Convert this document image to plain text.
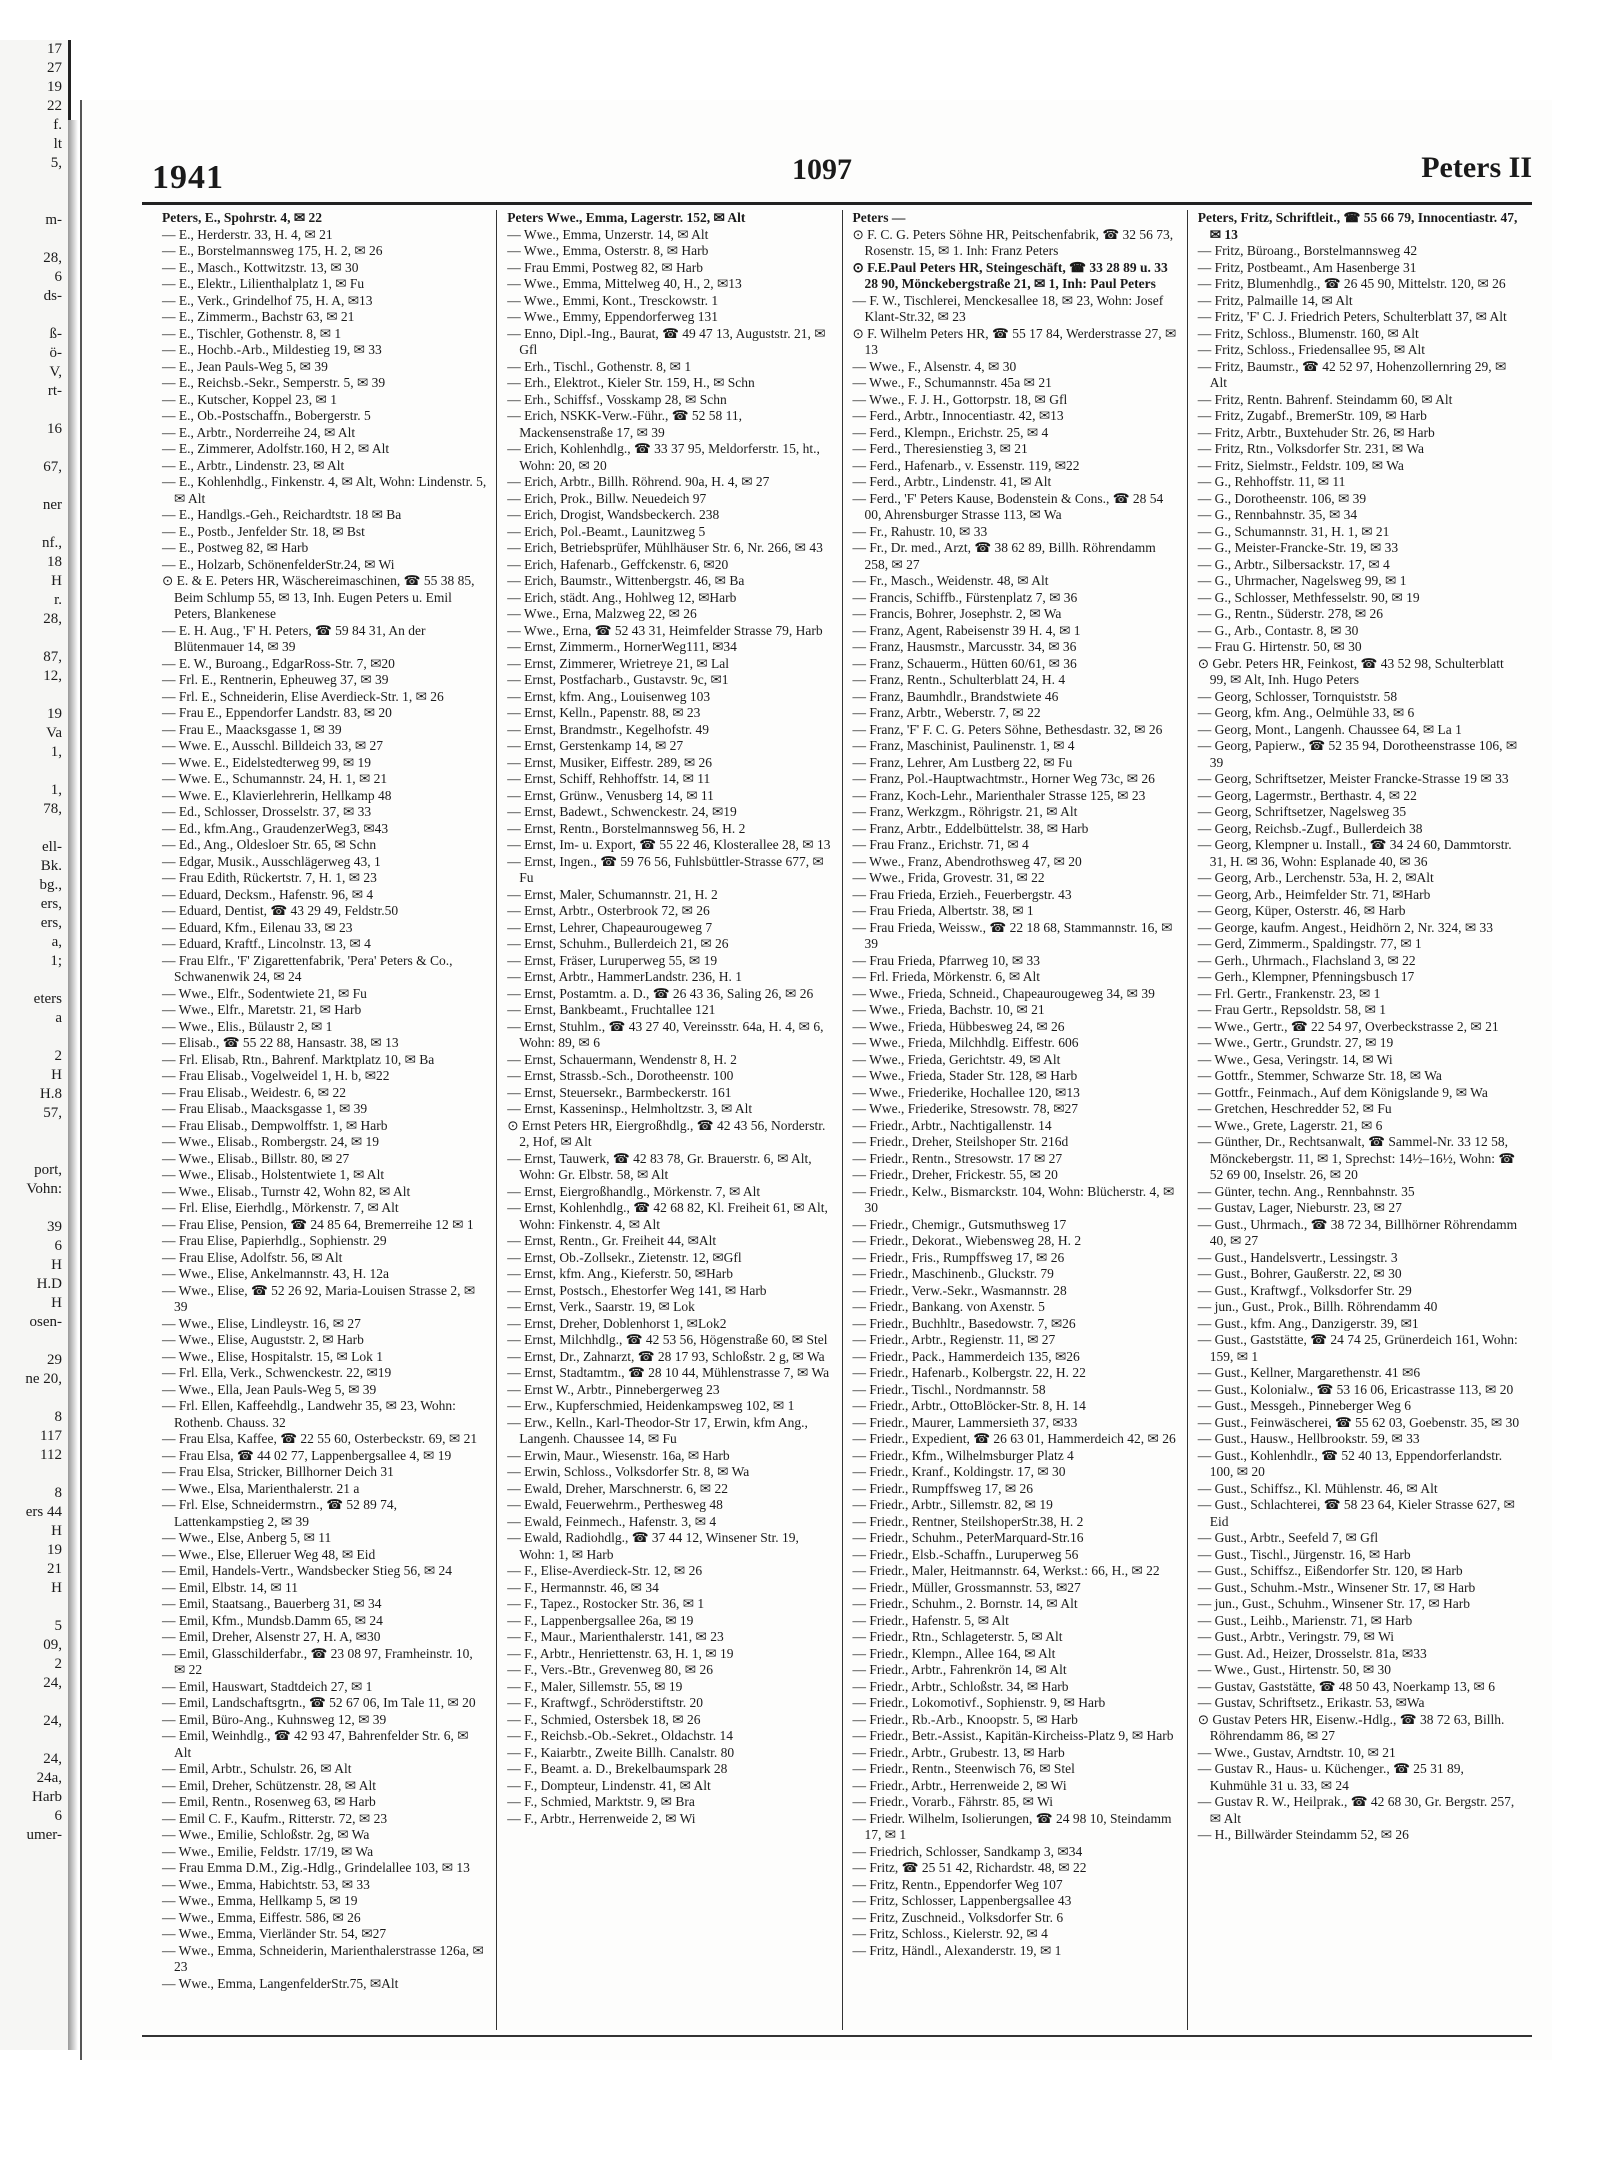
17
27
19
22
f.
lt
5,

m-

28,
6
ds-

ß-
ö-
V,
rt-

16

67,

ner

nf.,
18
H
r.
28,

87,
12,

19
Va
1,

1,
78,

ell-
Bk.
bg.,
ers,
ers,
a,
1;

eters
a

2
H
H.8
57,

port,
Vohn:

39
6
H
H.D
H
osen-

29
ne 20,

8
117
112

8
ers 44
H
19
21
H

5
09,
2
24,

24,

24,
24a,
Harb
6
umer-
1941	1097	Peters II

Peters, E., Spohrstr. 4, ✉ 22

— E., Herderstr. 33, H. 4, ✉ 21

— E., Borstelmannsweg 175, H. 2, ✉ 26

— E., Masch., Kottwitzstr. 13, ✉ 30

— E., Elektr., Lilienthalplatz 1, ✉ Fu

— E., Verk., Grindelhof 75, H. A, ✉13

— E., Zimmerm., Bachstr 63, ✉ 21

— E., Tischler, Gothenstr. 8, ✉ 1

— E., Hochb.-Arb., Mildestieg 19, ✉ 33

— E., Jean Pauls-Weg 5, ✉ 39

— E., Reichsb.-Sekr., Semperstr. 5, ✉ 39

— E., Kutscher, Koppel 23, ✉ 1

— E., Ob.-Postschaffn., Bobergerstr. 5

— E., Arbtr., Norderreihe 24, ✉ Alt

— E., Zimmerer, Adolfstr.160, H 2, ✉ Alt

— E., Arbtr., Lindenstr. 23, ✉ Alt

— E., Kohlenhdlg., Finkenstr. 4, ✉ Alt, Wohn: Lindenstr. 5, ✉ Alt

— E., Handlgs.-Geh., Reichardtstr. 18 ✉ Ba

— E., Postb., Jenfelder Str. 18, ✉ Bst

— E., Postweg 82, ✉ Harb

— E., Holzarb, SchönenfelderStr.24, ✉ Wi

⊙ E. & E. Peters HR, Wäschereimaschinen, ☎ 55 38 85, Beim Schlump 55, ✉ 13, Inh. Eugen Peters u. Emil Peters, Blankenese

— E. H. Aug., 'F' H. Peters, ☎ 59 84 31, An der Blütenmauer 14, ✉ 39

— E. W., Buroang., EdgarRoss-Str. 7, ✉20

— Frl. E., Rentnerin, Epheuweg 37, ✉ 39

— Frl. E., Schneiderin, Elise Averdieck-Str. 1, ✉ 26

— Frau E., Eppendorfer Landstr. 83, ✉ 20

— Frau E., Maacksgasse 1, ✉ 39

— Wwe. E., Ausschl. Billdeich 33, ✉ 27

— Wwe. E., Eidelstedterweg 99, ✉ 19

— Wwe. E., Schumannstr. 24, H. 1, ✉ 21

— Wwe. E., Klavierlehrerin, Hellkamp 48

— Ed., Schlosser, Drosselstr. 37, ✉ 33

— Ed., kfm.Ang., GraudenzerWeg3, ✉43

— Ed., Ang., Oldesloer Str. 65, ✉ Schn

— Edgar, Musik., Ausschlägerweg 43, 1

— Frau Edith, Rückertstr. 7, H. 1, ✉ 23

— Eduard, Decksm., Hafenstr. 96, ✉ 4

— Eduard, Dentist, ☎ 43 29 49, Feldstr.50

— Eduard, Kfm., Eilenau 33, ✉ 23

— Eduard, Kraftf., Lincolnstr. 13, ✉ 4

— Frau Elfr., 'F' Zigarettenfabrik, 'Pera' Peters & Co., Schwanenwik 24, ✉ 24

— Wwe., Elfr., Sodentwiete 21, ✉ Fu

— Wwe., Elfr., Maretstr. 21, ✉ Harb

— Wwe., Elis., Bülaustr 2, ✉ 1

— Elisab., ☎ 55 22 88, Hansastr. 38, ✉ 13

— Frl. Elisab, Rtn., Bahrenf. Marktplatz 10, ✉ Ba

— Frau Elisab., Vogelweidel 1, H. b, ✉22

— Frau Elisab., Weidestr. 6, ✉ 22

— Frau Elisab., Maacksgasse 1, ✉ 39

— Frau Elisab., Dempwolffstr. 1, ✉ Harb

— Wwe., Elisab., Rombergstr. 24, ✉ 19

— Wwe., Elisab., Billstr. 80, ✉ 27

— Wwe., Elisab., Holstentwiete 1, ✉ Alt

— Wwe., Elisab., Turnstr 42, Wohn 82, ✉ Alt

— Frl. Elise, Eierhdlg., Mörkenstr. 7, ✉ Alt

— Frau Elise, Pension, ☎ 24 85 64, Bremerreihe 12 ✉ 1

— Frau Elise, Papierhdlg., Sophienstr. 29

— Frau Elise, Adolfstr. 56, ✉ Alt

— Wwe., Elise, Ankelmannstr. 43, H. 12a

— Wwe., Elise, ☎ 52 26 92, Maria-Louisen Strasse 2, ✉ 39

— Wwe., Elise, Lindleystr. 16, ✉ 27

— Wwe., Elise, Auguststr. 2, ✉ Harb

— Wwe., Elise, Hospitalstr. 15, ✉ Lok 1

— Frl. Ella, Verk., Schwenckestr. 22, ✉19

— Wwe., Ella, Jean Pauls-Weg 5, ✉ 39

— Frl. Ellen, Kaffeehdlg., Landwehr 35, ✉ 23, Wohn: Rothenb. Chauss. 32

— Frau Elsa, Kaffee, ☎ 22 55 60, Osterbeckstr. 69, ✉ 21

— Frau Elsa, ☎ 44 02 77, Lappenbergsallee 4, ✉ 19

— Frau Elsa, Stricker, Billhorner Deich 31

— Wwe., Elsa, Marienthalerstr. 21 a

— Frl. Else, Schneidermstrn., ☎ 52 89 74, Lattenkampstieg 2, ✉ 39

— Wwe., Else, Anberg 5, ✉ 11

— Wwe., Else, Elleruer Weg 48, ✉ Eid

— Emil, Handels-Vertr., Wandsbecker Stieg 56, ✉ 24

— Emil, Elbstr. 14, ✉ 11

— Emil, Staatsang., Bauerberg 31, ✉ 34

— Emil, Kfm., Mundsb.Damm 65, ✉ 24

— Emil, Dreher, Alsenstr 27, H. A, ✉30

— Emil, Glasschilderfabr., ☎ 23 08 97, Framheinstr. 10, ✉ 22

— Emil, Hauswart, Stadtdeich 27, ✉ 1

— Emil, Landschaftsgrtn., ☎ 52 67 06, Im Tale 11, ✉ 20

— Emil, Büro-Ang., Kuhnsweg 12, ✉ 39

— Emil, Weinhdlg., ☎ 42 93 47, Bahrenfelder Str. 6, ✉ Alt

— Emil, Arbtr., Schulstr. 26, ✉ Alt

— Emil, Dreher, Schützenstr. 28, ✉ Alt

— Emil, Rentn., Rosenweg 63, ✉ Harb

— Emil C. F., Kaufm., Ritterstr. 72, ✉ 23

— Wwe., Emilie, Schloßstr. 2g, ✉ Wa

— Wwe., Emilie, Feldstr. 17/19, ✉ Wa

— Frau Emma D.M., Zig.-Hdlg., Grindelallee 103, ✉ 13

— Wwe., Emma, Habichtstr. 53, ✉ 33

— Wwe., Emma, Hellkamp 5, ✉ 19

— Wwe., Emma, Eiffestr. 586, ✉ 26

— Wwe., Emma, Vierländer Str. 54, ✉27

— Wwe., Emma, Schneiderin, Marienthalerstrasse 126a, ✉ 23

— Wwe., Emma, LangenfelderStr.75, ✉Alt

Peters Wwe., Emma, Lagerstr. 152, ✉ Alt

— Wwe., Emma, Unzerstr. 14, ✉ Alt

— Wwe., Emma, Osterstr. 8, ✉ Harb

— Frau Emmi, Postweg 82, ✉ Harb

— Wwe., Emma, Mittelweg 40, H., 2, ✉13

— Wwe., Emmi, Kont., Tresckowstr. 1

— Wwe., Emmy, Eppendorferweg 131

— Enno, Dipl.-Ing., Baurat, ☎ 49 47 13, Auguststr. 21, ✉ Gfl

— Erh., Tischl., Gothenstr. 8, ✉ 1

— Erh., Elektrot., Kieler Str. 159, H., ✉ Schn

— Erh., Schiffsf., Vosskamp 28, ✉ Schn

— Erich, NSKK-Verw.-Führ., ☎ 52 58 11, Mackensenstraße 17, ✉ 39

— Erich, Kohlenhdlg., ☎ 33 37 95, Meldorferstr. 15, ht., Wohn: 20, ✉ 20

— Erich, Arbtr., Billh. Röhrend. 90a, H. 4, ✉ 27

— Erich, Prok., Billw. Neuedeich 97

— Erich, Drogist, Wandsbeckerch. 238

— Erich, Pol.-Beamt., Launitzweg 5

— Erich, Betriebsprüfer, Mühlhäuser Str. 6, Nr. 266, ✉ 43

— Erich, Hafenarb., Geffckenstr. 6, ✉20

— Erich, Baumstr., Wittenbergstr. 46, ✉ Ba

— Erich, städt. Ang., Hohlweg 12, ✉Harb

— Wwe., Erna, Malzweg 22, ✉ 26

— Wwe., Erna, ☎ 52 43 31, Heimfelder Strasse 79, Harb

— Ernst, Zimmerm., HornerWeg111, ✉34

— Ernst, Zimmerer, Wrietreye 21, ✉ Lal

— Ernst, Postfacharb., Gustavstr. 9c, ✉1

— Ernst, kfm. Ang., Louisenweg 103

— Ernst, Kelln., Papenstr. 88, ✉ 23

— Ernst, Brandmstr., Kegelhofstr. 49

— Ernst, Gerstenkamp 14, ✉ 27

— Ernst, Musiker, Eiffestr. 289, ✉ 26

— Ernst, Schiff, Rehhoffstr. 14, ✉ 11

— Ernst, Grünw., Venusberg 14, ✉ 11

— Ernst, Badewt., Schwenckestr. 24, ✉19

— Ernst, Rentn., Borstelmannsweg 56, H. 2

— Ernst, Im- u. Export, ☎ 55 22 46, Klosterallee 28, ✉ 13

— Ernst, Ingen., ☎ 59 76 56, Fuhlsbüttler-Strasse 677, ✉ Fu

— Ernst, Maler, Schumannstr. 21, H. 2

— Ernst, Arbtr., Osterbrook 72, ✉ 26

— Ernst, Lehrer, Chapeaurougeweg 7

— Ernst, Schuhm., Bullerdeich 21, ✉ 26

— Ernst, Fräser, Luruperweg 55, ✉ 19

— Ernst, Arbtr., HammerLandstr. 236, H. 1

— Ernst, Postamtm. a. D., ☎ 26 43 36, Saling 26, ✉ 26

— Ernst, Bankbeamt., Fruchtallee 121

— Ernst, Stuhlm., ☎ 43 27 40, Vereinsstr. 64a, H. 4, ✉ 6, Wohn: 89, ✉ 6

— Ernst, Schauermann, Wendenstr 8, H. 2

— Ernst, Strassb.-Sch., Dorotheenstr. 100

— Ernst, Steuersekr., Barmbeckerstr. 161

— Ernst, Kasseninsp., Helmholtzstr. 3, ✉ Alt

⊙ Ernst Peters HR, Eiergroßhdlg., ☎ 42 43 56, Norderstr. 2, Hof, ✉ Alt

— Ernst, Tauwerk, ☎ 42 83 78, Gr. Brauerstr. 6, ✉ Alt, Wohn: Gr. Elbstr. 58, ✉ Alt

— Ernst, Eiergroßhandlg., Mörkenstr. 7, ✉ Alt

— Ernst, Kohlenhdlg., ☎ 42 68 82, Kl. Freiheit 61, ✉ Alt, Wohn: Finkenstr. 4, ✉ Alt

— Ernst, Rentn., Gr. Freiheit 44, ✉Alt

— Ernst, Ob.-Zollsekr., Zietenstr. 12, ✉Gfl

— Ernst, kfm. Ang., Kieferstr. 50, ✉Harb

— Ernst, Postsch., Ehestorfer Weg 141, ✉ Harb

— Ernst, Verk., Saarstr. 19, ✉ Lok

— Ernst, Dreher, Doblenhorst 1, ✉Lok2

— Ernst, Milchhdlg., ☎ 42 53 56, Högenstraße 60, ✉ Stel

— Ernst, Dr., Zahnarzt, ☎ 28 17 93, Schloßstr. 2 g, ✉ Wa

— Ernst, Stadtamtm., ☎ 28 10 44, Mühlenstrasse 7, ✉ Wa

— Ernst W., Arbtr., Pinnebergerweg 23

— Erw., Kupferschmied, Heidenkampsweg 102, ✉ 1

— Erw., Kelln., Karl-Theodor-Str 17, Erwin, kfm Ang., Langenh. Chaussee 14, ✉ Fu

— Erwin, Maur., Wiesenstr. 16a, ✉ Harb

— Erwin, Schloss., Volksdorfer Str. 8, ✉ Wa

— Ewald, Dreher, Marschnerstr. 6, ✉ 22

— Ewald, Feuerwehrm., Perthesweg 48

— Ewald, Feinmech., Hafenstr. 3, ✉ 4

— Ewald, Radiohdlg., ☎ 37 44 12, Winsener Str. 19, Wohn: 1, ✉ Harb

— F., Elise-Averdieck-Str. 12, ✉ 26

— F., Hermannstr. 46, ✉ 34

— F., Tapez., Rostocker Str. 36, ✉ 1

— F., Lappenbergsallee 26a, ✉ 19

— F., Maur., Marienthalerstr. 141, ✉ 23

— F., Arbtr., Henriettenstr. 63, H. 1, ✉ 19

— F., Vers.-Btr., Grevenweg 80, ✉ 26

— F., Maler, Sillemstr. 55, ✉ 19

— F., Kraftwgf., Schröderstiftstr. 20

— F., Schmied, Ostersbek 18, ✉ 26

— F., Reichsb.-Ob.-Sekret., Oldachstr. 14

— F., Kaiarbtr., Zweite Billh. Canalstr. 80

— F., Beamt. a. D., Brekelbaumspark 28

— F., Dompteur, Lindenstr. 41, ✉ Alt

— F., Schmied, Marktstr. 9, ✉ Bra

— F., Arbtr., Herrenweide 2, ✉ Wi

Peters —

⊙ F. C. G. Peters Söhne HR, Peitschenfabrik, ☎ 32 56 73, Rosenstr. 15, ✉ 1. Inh: Franz Peters

⊙ F.E.Paul Peters HR, Steingeschäft, ☎ 33 28 89 u. 33 28 90, Mönckebergstraße 21, ✉ 1, Inh: Paul Peters

— F. W., Tischlerei, Menckesallee 18, ✉ 23, Wohn: Josef Klant-Str.32, ✉ 23

⊙ F. Wilhelm Peters HR, ☎ 55 17 84, Werderstrasse 27, ✉ 13

— Wwe., F., Alsenstr. 4, ✉ 30

— Wwe., F., Schumannstr. 45a ✉ 21

— Wwe., F. J. H., Gottorpstr. 18, ✉ Gfl

— Ferd., Arbtr., Innocentiastr. 42, ✉13

— Ferd., Klempn., Erichstr. 25, ✉ 4

— Ferd., Theresienstieg 3, ✉ 21

— Ferd., Hafenarb., v. Essenstr. 119, ✉22

— Ferd., Arbtr., Lindenstr. 41, ✉ Alt

— Ferd., 'F' Peters Kause, Bodenstein & Cons., ☎ 28 54 00, Ahrensburger Strasse 113, ✉ Wa

— Fr., Rahustr. 10, ✉ 33

— Fr., Dr. med., Arzt, ☎ 38 62 89, Billh. Röhrendamm 258, ✉ 27

— Fr., Masch., Weidenstr. 48, ✉ Alt

— Francis, Schiffb., Fürstenplatz 7, ✉ 36

— Francis, Bohrer, Josephstr. 2, ✉ Wa

— Franz, Agent, Rabeisenstr 39 H. 4, ✉ 1

— Franz, Hausmstr., Marcusstr. 34, ✉ 36

— Franz, Schauerm., Hütten 60/61, ✉ 36

— Franz, Rentn., Schulterblatt 24, H. 4

— Franz, Baumhdlr., Brandstwiete 46

— Franz, Arbtr., Weberstr. 7, ✉ 22

— Franz, 'F' F. C. G. Peters Söhne, Bethesdastr. 32, ✉ 26

— Franz, Maschinist, Paulinenstr. 1, ✉ 4

— Franz, Lehrer, Am Lustberg 22, ✉ Fu

— Franz, Pol.-Hauptwachtmstr., Horner Weg 73c, ✉ 26

— Franz, Koch-Lehr., Marienthaler Strasse 125, ✉ 23

— Franz, Werkzgm., Röhrigstr. 21, ✉ Alt

— Franz, Arbtr., Eddelbüttelstr. 38, ✉ Harb

— Frau Franz., Erichstr. 71, ✉ 4

— Wwe., Franz, Abendrothsweg 47, ✉ 20

— Wwe., Frida, Grovestr. 31, ✉ 22

— Frau Frieda, Erzieh., Feuerbergstr. 43

— Frau Frieda, Albertstr. 38, ✉ 1

— Frau Frieda, Weissw., ☎ 22 18 68, Stammannstr. 16, ✉ 39

— Frau Frieda, Pfarrweg 10, ✉ 33

— Frl. Frieda, Mörkenstr. 6, ✉ Alt

— Wwe., Frieda, Schneid., Chapeaurougeweg 34, ✉ 39

— Wwe., Frieda, Bachstr. 10, ✉ 21

— Wwe., Frieda, Hübbesweg 24, ✉ 26

— Wwe., Frieda, Milchhdlg. Eiffestr. 606

— Wwe., Frieda, Gerichtstr. 49, ✉ Alt

— Wwe., Frieda, Stader Str. 128, ✉ Harb

— Wwe., Friederike, Hochallee 120, ✉13

— Wwe., Friederike, Stresowstr. 78, ✉27

— Friedr., Arbtr., Nachtigallenstr. 14

— Friedr., Dreher, Steilshoper Str. 216d

— Friedr., Rentn., Stresowstr. 17 ✉ 27

— Friedr., Dreher, Frickestr. 55, ✉ 20

— Friedr., Kelw., Bismarckstr. 104, Wohn: Blücherstr. 4, ✉ 30

— Friedr., Chemigr., Gutsmuthsweg 17

— Friedr., Dekorat., Wiebensweg 28, H. 2

— Friedr., Fris., Rumpffsweg 17, ✉ 26

— Friedr., Maschinenb., Gluckstr. 79

— Friedr., Verw.-Sekr., Wasmannstr. 28

— Friedr., Bankang. von Axenstr. 5

— Friedr., Buchhltr., Basedowstr. 7, ✉26

— Friedr., Arbtr., Regienstr. 11, ✉ 27

— Friedr., Pack., Hammerdeich 135, ✉26

— Friedr., Hafenarb., Kolbergstr. 22, H. 22

— Friedr., Tischl., Nordmannstr. 58

— Friedr., Arbtr., OttoBlöcker-Str. 8, H. 14

— Friedr., Maurer, Lammersieth 37, ✉33

— Friedr., Expedient, ☎ 26 63 01, Hammerdeich 42, ✉ 26

— Friedr., Kfm., Wilhelmsburger Platz 4

— Friedr., Kranf., Koldingstr. 17, ✉ 30

— Friedr., Rumpffsweg 17, ✉ 26

— Friedr., Arbtr., Sillemstr. 82, ✉ 19

— Friedr., Rentner, SteilshoperStr.38, H. 2

— Friedr., Schuhm., PeterMarquard-Str.16

— Friedr., Elsb.-Schaffn., Luruperweg 56

— Friedr., Maler, Heitmannstr. 64, Werkst.: 66, H., ✉ 22

— Friedr., Müller, Grossmannstr. 53, ✉27

— Friedr., Schuhm., 2. Bornstr. 14, ✉ Alt

— Friedr., Hafenstr. 5, ✉ Alt

— Friedr., Rtn., Schlageterstr. 5, ✉ Alt

— Friedr., Klempn., Allee 164, ✉ Alt

— Friedr., Arbtr., Fahrenkrön 14, ✉ Alt

— Friedr., Arbtr., Schloßstr. 34, ✉ Harb

— Friedr., Lokomotivf., Sophienstr. 9, ✉ Harb

— Friedr., Rb.-Arb., Knoopstr. 5, ✉ Harb

— Friedr., Betr.-Assist., Kapitän-Kircheiss-Platz 9, ✉ Harb

— Friedr., Arbtr., Grubestr. 13, ✉ Harb

— Friedr., Rentn., Steenwisch 76, ✉ Stel

— Friedr., Arbtr., Herrenweide 2, ✉ Wi

— Friedr., Vorarb., Fährstr. 85, ✉ Wi

— Friedr. Wilhelm, Isolierungen, ☎ 24 98 10, Steindamm 17, ✉ 1

— Friedrich, Schlosser, Sandkamp 3, ✉34

— Fritz, ☎ 25 51 42, Richardstr. 48, ✉ 22

— Fritz, Rentn., Eppendorfer Weg 107

— Fritz, Schlosser, Lappenbergsallee 43

— Fritz, Zuschneid., Volksdorfer Str. 6

— Fritz, Schloss., Kielerstr. 92, ✉ 4

— Fritz, Händl., Alexanderstr. 19, ✉ 1

Peters, Fritz, Schriftleit., ☎ 55 66 79, Innocentiastr. 47, ✉ 13

— Fritz, Büroang., Borstelmannsweg 42

— Fritz, Postbeamt., Am Hasenberge 31

— Fritz, Blumenhdlg., ☎ 26 45 90, Mittelstr. 120, ✉ 26

— Fritz, Palmaille 14, ✉ Alt

— Fritz, 'F' C. J. Friedrich Peters, Schulterblatt 37, ✉ Alt

— Fritz, Schloss., Blumenstr. 160, ✉ Alt

— Fritz, Schloss., Friedensallee 95, ✉ Alt

— Fritz, Baumstr., ☎ 42 52 97, Hohenzollernring 29, ✉ Alt

— Fritz, Rentn. Bahrenf. Steindamm 60, ✉ Alt

— Fritz, Zugabf., BremerStr. 109, ✉ Harb

— Fritz, Arbtr., Buxtehuder Str. 26, ✉ Harb

— Fritz, Rtn., Volksdorfer Str. 231, ✉ Wa

— Fritz, Sielmstr., Feldstr. 109, ✉ Wa

— G., Rehhoffstr. 11, ✉ 11

— G., Dorotheenstr. 106, ✉ 39

— G., Rennbahnstr. 35, ✉ 34

— G., Schumannstr. 31, H. 1, ✉ 21

— G., Meister-Francke-Str. 19, ✉ 33

— G., Arbtr., Silbersackstr. 17, ✉ 4

— G., Uhrmacher, Nagelsweg 99, ✉ 1

— G., Schlosser, Methfesselstr. 90, ✉ 19

— G., Rentn., Süderstr. 278, ✉ 26

— G., Arb., Contastr. 8, ✉ 30

— Frau G. Hirtenstr. 50, ✉ 30

⊙ Gebr. Peters HR, Feinkost, ☎ 43 52 98, Schulterblatt 99, ✉ Alt, Inh. Hugo Peters

— Georg, Schlosser, Tornquiststr. 58

— Georg, kfm. Ang., Oelmühle 33, ✉ 6

— Georg, Mont., Langenh. Chaussee 64, ✉ La 1

— Georg, Papierw., ☎ 52 35 94, Dorotheenstrasse 106, ✉ 39

— Georg, Schriftsetzer, Meister Francke-Strasse 19 ✉ 33

— Georg, Lagermstr., Berthastr. 4, ✉ 22

— Georg, Schriftsetzer, Nagelsweg 35

— Georg, Reichsb.-Zugf., Bullerdeich 38

— Georg, Klempner u. Install., ☎ 34 24 60, Dammtorstr. 31, H. ✉ 36, Wohn: Esplanade 40, ✉ 36

— Georg, Arb., Lerchenstr. 53a, H. 2, ✉Alt

— Georg, Arb., Heimfelder Str. 71, ✉Harb

— Georg, Küper, Osterstr. 46, ✉ Harb

— George, kaufm. Angest., Heidhörn 2, Nr. 324, ✉ 33

— Gerd, Zimmerm., Spaldingstr. 77, ✉ 1

— Gerh., Uhrmach., Flachsland 3, ✉ 22

— Gerh., Klempner, Pfenningsbusch 17

— Frl. Gertr., Frankenstr. 23, ✉ 1

— Frau Gertr., Repsoldstr. 58, ✉ 1

— Wwe., Gertr., ☎ 22 54 97, Overbeckstrasse 2, ✉ 21

— Wwe., Gertr., Grundstr. 27, ✉ 19

— Wwe., Gesa, Veringstr. 14, ✉ Wi

— Gottfr., Stemmer, Schwarze Str. 18, ✉ Wa

— Gottfr., Feinmach., Auf dem Königslande 9, ✉ Wa

— Gretchen, Heschredder 52, ✉ Fu

— Wwe., Grete, Lagerstr. 21, ✉ 6

— Günther, Dr., Rechtsanwalt, ☎ Sammel-Nr. 33 12 58, Mönckebergstr. 11, ✉ 1, Sprechst: 14½–16½, Wohn: ☎ 52 69 00, Inselstr. 26, ✉ 20

— Günter, techn. Ang., Rennbahnstr. 35

— Gustav, Lager, Nieburstr. 23, ✉ 27

— Gust., Uhrmach., ☎ 38 72 34, Billhörner Röhrendamm 40, ✉ 27

— Gust., Handelsvertr., Lessingstr. 3

— Gust., Bohrer, Gaußerstr. 22, ✉ 30

— Gust., Kraftwgf., Volksdorfer Str. 29

— jun., Gust., Prok., Billh. Röhrendamm 40

— Gust., kfm. Ang., Danzigerstr. 39, ✉1

— Gust., Gaststätte, ☎ 24 74 25, Grünerdeich 161, Wohn: 159, ✉ 1

— Gust., Kellner, Margarethenstr. 41 ✉6

— Gust., Kolonialw., ☎ 53 16 06, Ericastrasse 113, ✉ 20

— Gust., Messgeh., Pinneberger Weg 6

— Gust., Feinwäscherei, ☎ 55 62 03, Goebenstr. 35, ✉ 30

— Gust., Hausw., Hellbrookstr. 59, ✉ 33

— Gust., Kohlenhdlr., ☎ 52 40 13, Eppendorferlandstr. 100, ✉ 20

— Gust., Schiffsz., Kl. Mühlenstr. 46, ✉ Alt

— Gust., Schlachterei, ☎ 58 23 64, Kieler Strasse 627, ✉ Eid

— Gust., Arbtr., Seefeld 7, ✉ Gfl

— Gust., Tischl., Jürgenstr. 16, ✉ Harb

— Gust., Schiffsz., Eißendorfer Str. 120, ✉ Harb

— Gust., Schuhm.-Mstr., Winsener Str. 17, ✉ Harb

— jun., Gust., Schuhm., Winsener Str. 17, ✉ Harb

— Gust., Leihb., Marienstr. 71, ✉ Harb

— Gust., Arbtr., Veringstr. 79, ✉ Wi

— Gust. Ad., Heizer, Drosselstr. 81a, ✉33

— Wwe., Gust., Hirtenstr. 50, ✉ 30

— Gustav, Gaststätte, ☎ 48 50 43, Noerkamp 13, ✉ 6

— Gustav, Schriftsetz., Erikastr. 53, ✉Wa

⊙ Gustav Peters HR, Eisenw.-Hdlg., ☎ 38 72 63, Billh. Röhrendamm 86, ✉ 27

— Wwe., Gustav, Arndtstr. 10, ✉ 21

— Gustav R., Haus- u. Küchenger., ☎ 25 31 89, Kuhmühle 31 u. 33, ✉ 24

— Gustav R. W., Heilprak., ☎ 42 68 30, Gr. Bergstr. 257, ✉ Alt

— H., Billwärder Steindamm 52, ✉ 26
